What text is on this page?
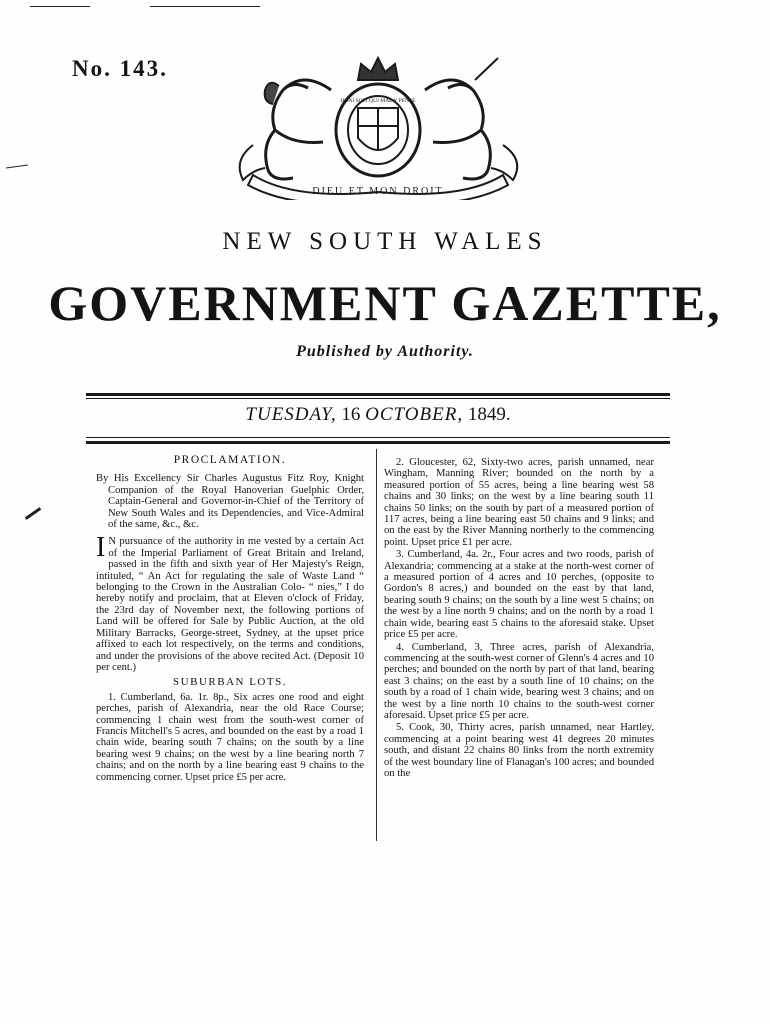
No. 143.
DIEU ET MON DROIT
HONI SOIT QUI MAL Y PENSE
NEW SOUTH WALES
GOVERNMENT GAZETTE,
Published by Authority.
TUESDAY, 16 OCTOBER, 1849.

PROCLAMATION.

By His Excellency Sir Charles Augustus Fitz Roy, Knight Companion of the Royal Hanoverian Guelphic Order, Captain-General and Governor-in-Chief of the Territory of New South Wales and its Dependencies, and Vice-Admiral of the same, &c., &c.

I N pursuance of the authority in me vested by a certain Act of the Imperial Parliament of Great Britain and Ireland, passed in the fifth and sixth year of Her Majesty's Reign, intituled, “ An Act for regulating the sale of Waste Land “ belonging to the Crown in the Australian Colo- “ nies,” I do hereby notify and proclaim, that at Eleven o'clock of Friday, the 23rd day of November next, the following portions of Land will be offered for Sale by Public Auction, at the old Military Barracks, George-street, Sydney, at the upset price affixed to each lot respectively, on the terms and conditions, and under the provisions of the above recited Act. (Deposit 10 per cent.)

SUBURBAN LOTS.

1. Cumberland, 6a. 1r. 8p., Six acres one rood and eight perches, parish of Alexandria, near the old Race Course; commencing 1 chain west from the south-west corner of Francis Mitchell's 5 acres, and bounded on the east by a road 1 chain wide, bearing south 7 chains; on the south by a line bearing west 9 chains; on the west by a line bearing north 7 chains; and on the north by a line bearing east 9 chains to the commencing corner. Upset price £5 per acre.

2. Gloucester, 62, Sixty-two acres, parish unnamed, near Wingham, Manning River; bounded on the north by a measured portion of 55 acres, being a line bearing west 58 chains and 30 links; on the west by a line bearing south 11 chains 50 links; on the south by part of a measured portion of 117 acres, being a line bearing east 50 chains and 9 links; and on the east by the River Manning northerly to the commencing point. Upset price £1 per acre.

3. Cumberland, 4a. 2r., Four acres and two roods, parish of Alexandria; commencing at a stake at the north-west corner of a measured portion of 4 acres and 10 perches, (opposite to Gordon's 8 acres,) and bounded on the east by that land, bearing south 9 chains; on the south by a line west 5 chains; on the west by a line north 9 chains; and on the north by a road 1 chain wide, bearing east 5 chains to the aforesaid stake. Upset price £5 per acre.

4. Cumberland, 3, Three acres, parish of Alexandria, commencing at the south-west corner of Glenn's 4 acres and 10 perches; and bounded on the north by part of that land, bearing east 3 chains; on the east by a south line of 10 chains; on the south by a road of 1 chain wide, bearing west 3 chains; and on the west by a line north 10 chains to the south-west corner aforesaid. Upset price £5 per acre.

5. Cook, 30, Thirty acres, parish unnamed, near Hartley, commencing at a point bearing west 41 degrees 20 minutes south, and distant 22 chains 80 links from the north extremity of the west boundary line of Flanagan's 100 acres; and bounded on the
